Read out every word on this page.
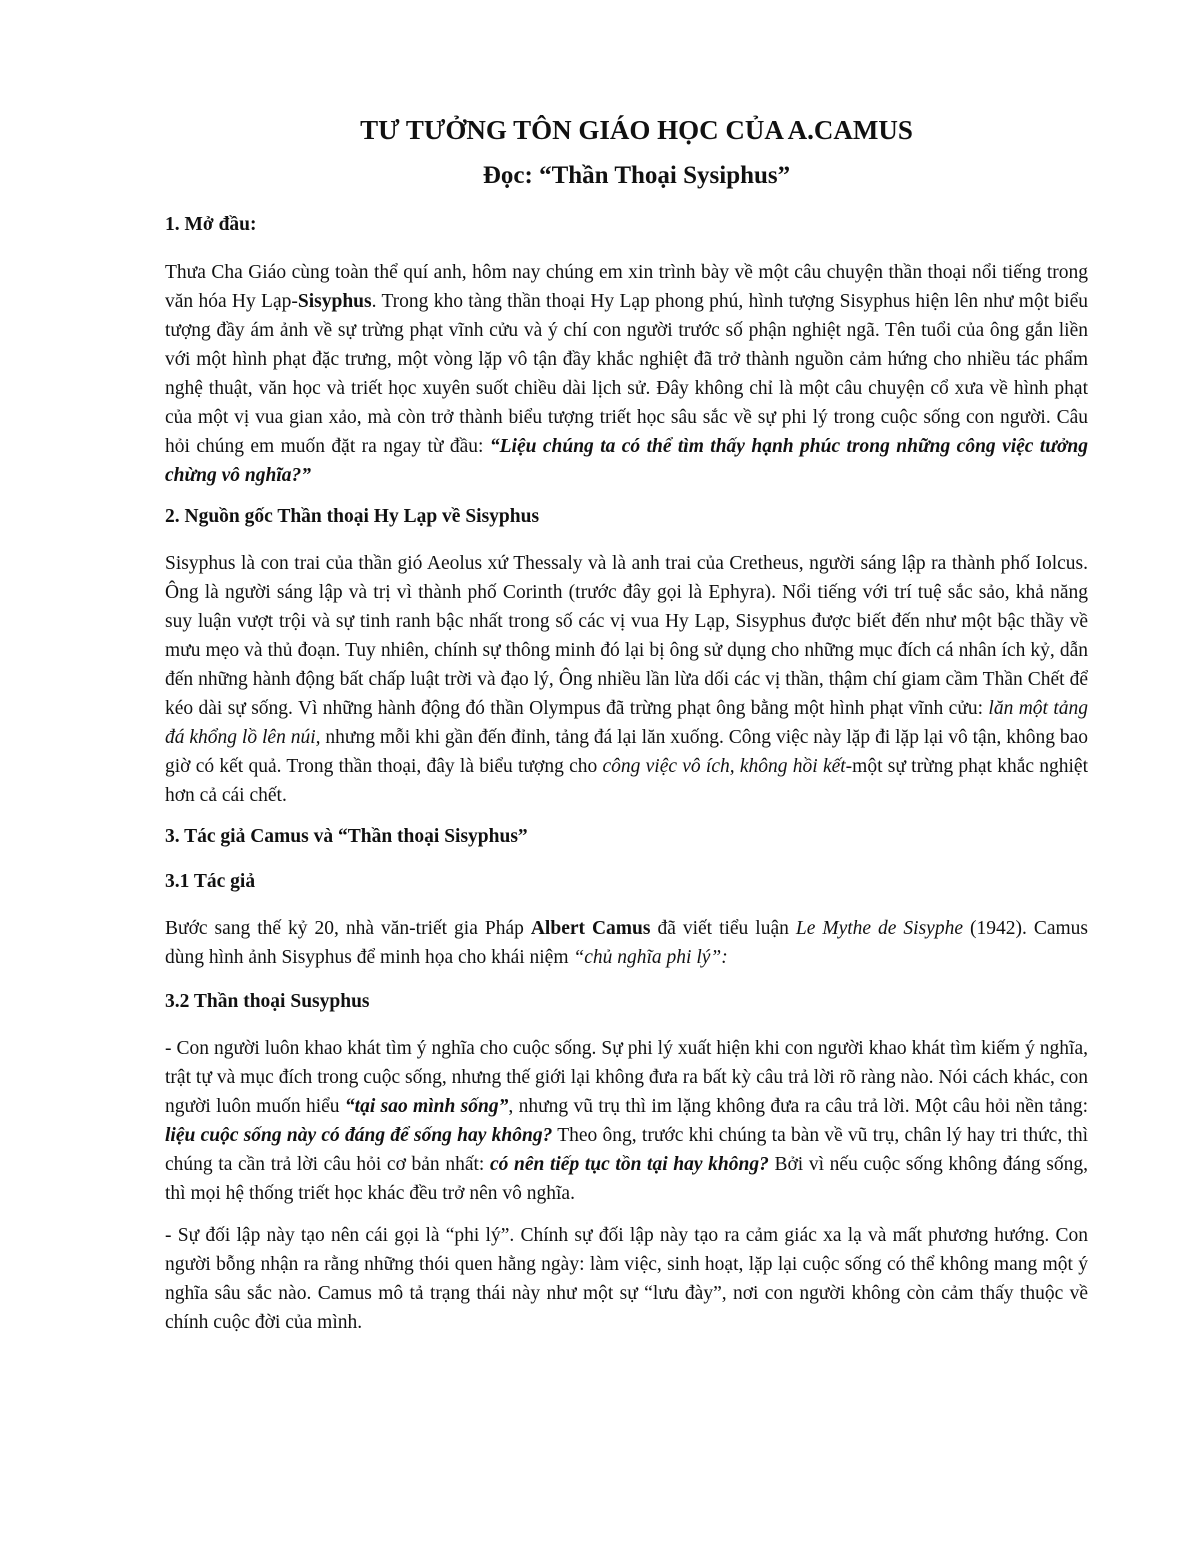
TƯ TƯỞNG TÔN GIÁO HỌC CỦA A.CAMUS
Đọc: “Thần Thoại Sysiphus”
1. Mở đầu:

Thưa Cha Giáo cùng toàn thể quí anh, hôm nay chúng em xin trình bày về một câu chuyện thần thoại nổi tiếng trong văn hóa Hy Lạp-Sisyphus. Trong kho tàng thần thoại Hy Lạp phong phú, hình tượng Sisyphus hiện lên như một biểu tượng đầy ám ảnh về sự trừng phạt vĩnh cửu và ý chí con người trước số phận nghiệt ngã. Tên tuổi của ông gắn liền với một hình phạt đặc trưng, một vòng lặp vô tận đầy khắc nghiệt đã trở thành nguồn cảm hứng cho nhiều tác phẩm nghệ thuật, văn học và triết học xuyên suốt chiều dài lịch sử. Đây không chỉ là một câu chuyện cổ xưa về hình phạt của một vị vua gian xảo, mà còn trở thành biểu tượng triết học sâu sắc về sự phi lý trong cuộc sống con người. Câu hỏi chúng em muốn đặt ra ngay từ đầu: “Liệu chúng ta có thể tìm thấy hạnh phúc trong những công việc tưởng chừng vô nghĩa?”

2. Nguồn gốc Thần thoại Hy Lạp về Sisyphus

Sisyphus là con trai của thần gió Aeolus xứ Thessaly và là anh trai của Cretheus, người sáng lập ra thành phố Iolcus. Ông là người sáng lập và trị vì thành phố Corinth (trước đây gọi là Ephyra). Nổi tiếng với trí tuệ sắc sảo, khả năng suy luận vượt trội và sự tinh ranh bậc nhất trong số các vị vua Hy Lạp, Sisyphus được biết đến như một bậc thầy về mưu mẹo và thủ đoạn. Tuy nhiên, chính sự thông minh đó lại bị ông sử dụng cho những mục đích cá nhân ích kỷ, dẫn đến những hành động bất chấp luật trời và đạo lý, Ông nhiều lần lừa dối các vị thần, thậm chí giam cầm Thần Chết để kéo dài sự sống. Vì những hành động đó thần Olympus đã trừng phạt ông bằng một hình phạt vĩnh cửu: lăn một tảng đá khổng lồ lên núi, nhưng mỗi khi gần đến đỉnh, tảng đá lại lăn xuống. Công việc này lặp đi lặp lại vô tận, không bao giờ có kết quả. Trong thần thoại, đây là biểu tượng cho công việc vô ích, không hồi kết-một sự trừng phạt khắc nghiệt hơn cả cái chết.

3. Tác giả Camus và “Thần thoại Sisyphus”
3.1 Tác giả

Bước sang thế kỷ 20, nhà văn-triết gia Pháp Albert Camus đã viết tiểu luận Le Mythe de Sisyphe (1942). Camus dùng hình ảnh Sisyphus để minh họa cho khái niệm “chủ nghĩa phi lý”:

3.2 Thần thoại Susyphus

- Con người luôn khao khát tìm ý nghĩa cho cuộc sống. Sự phi lý xuất hiện khi con người khao khát tìm kiếm ý nghĩa, trật tự và mục đích trong cuộc sống, nhưng thế giới lại không đưa ra bất kỳ câu trả lời rõ ràng nào. Nói cách khác, con người luôn muốn hiểu “tại sao mình sống”, nhưng vũ trụ thì im lặng không đưa ra câu trả lời. Một câu hỏi nền tảng: liệu cuộc sống này có đáng để sống hay không? Theo ông, trước khi chúng ta bàn về vũ trụ, chân lý hay tri thức, thì chúng ta cần trả lời câu hỏi cơ bản nhất: có nên tiếp tục tồn tại hay không? Bởi vì nếu cuộc sống không đáng sống, thì mọi hệ thống triết học khác đều trở nên vô nghĩa.

- Sự đối lập này tạo nên cái gọi là “phi lý”. Chính sự đối lập này tạo ra cảm giác xa lạ và mất phương hướng. Con người bỗng nhận ra rằng những thói quen hằng ngày: làm việc, sinh hoạt, lặp lại cuộc sống có thể không mang một ý nghĩa sâu sắc nào. Camus mô tả trạng thái này như một sự “lưu đày”, nơi con người không còn cảm thấy thuộc về chính cuộc đời của mình.
